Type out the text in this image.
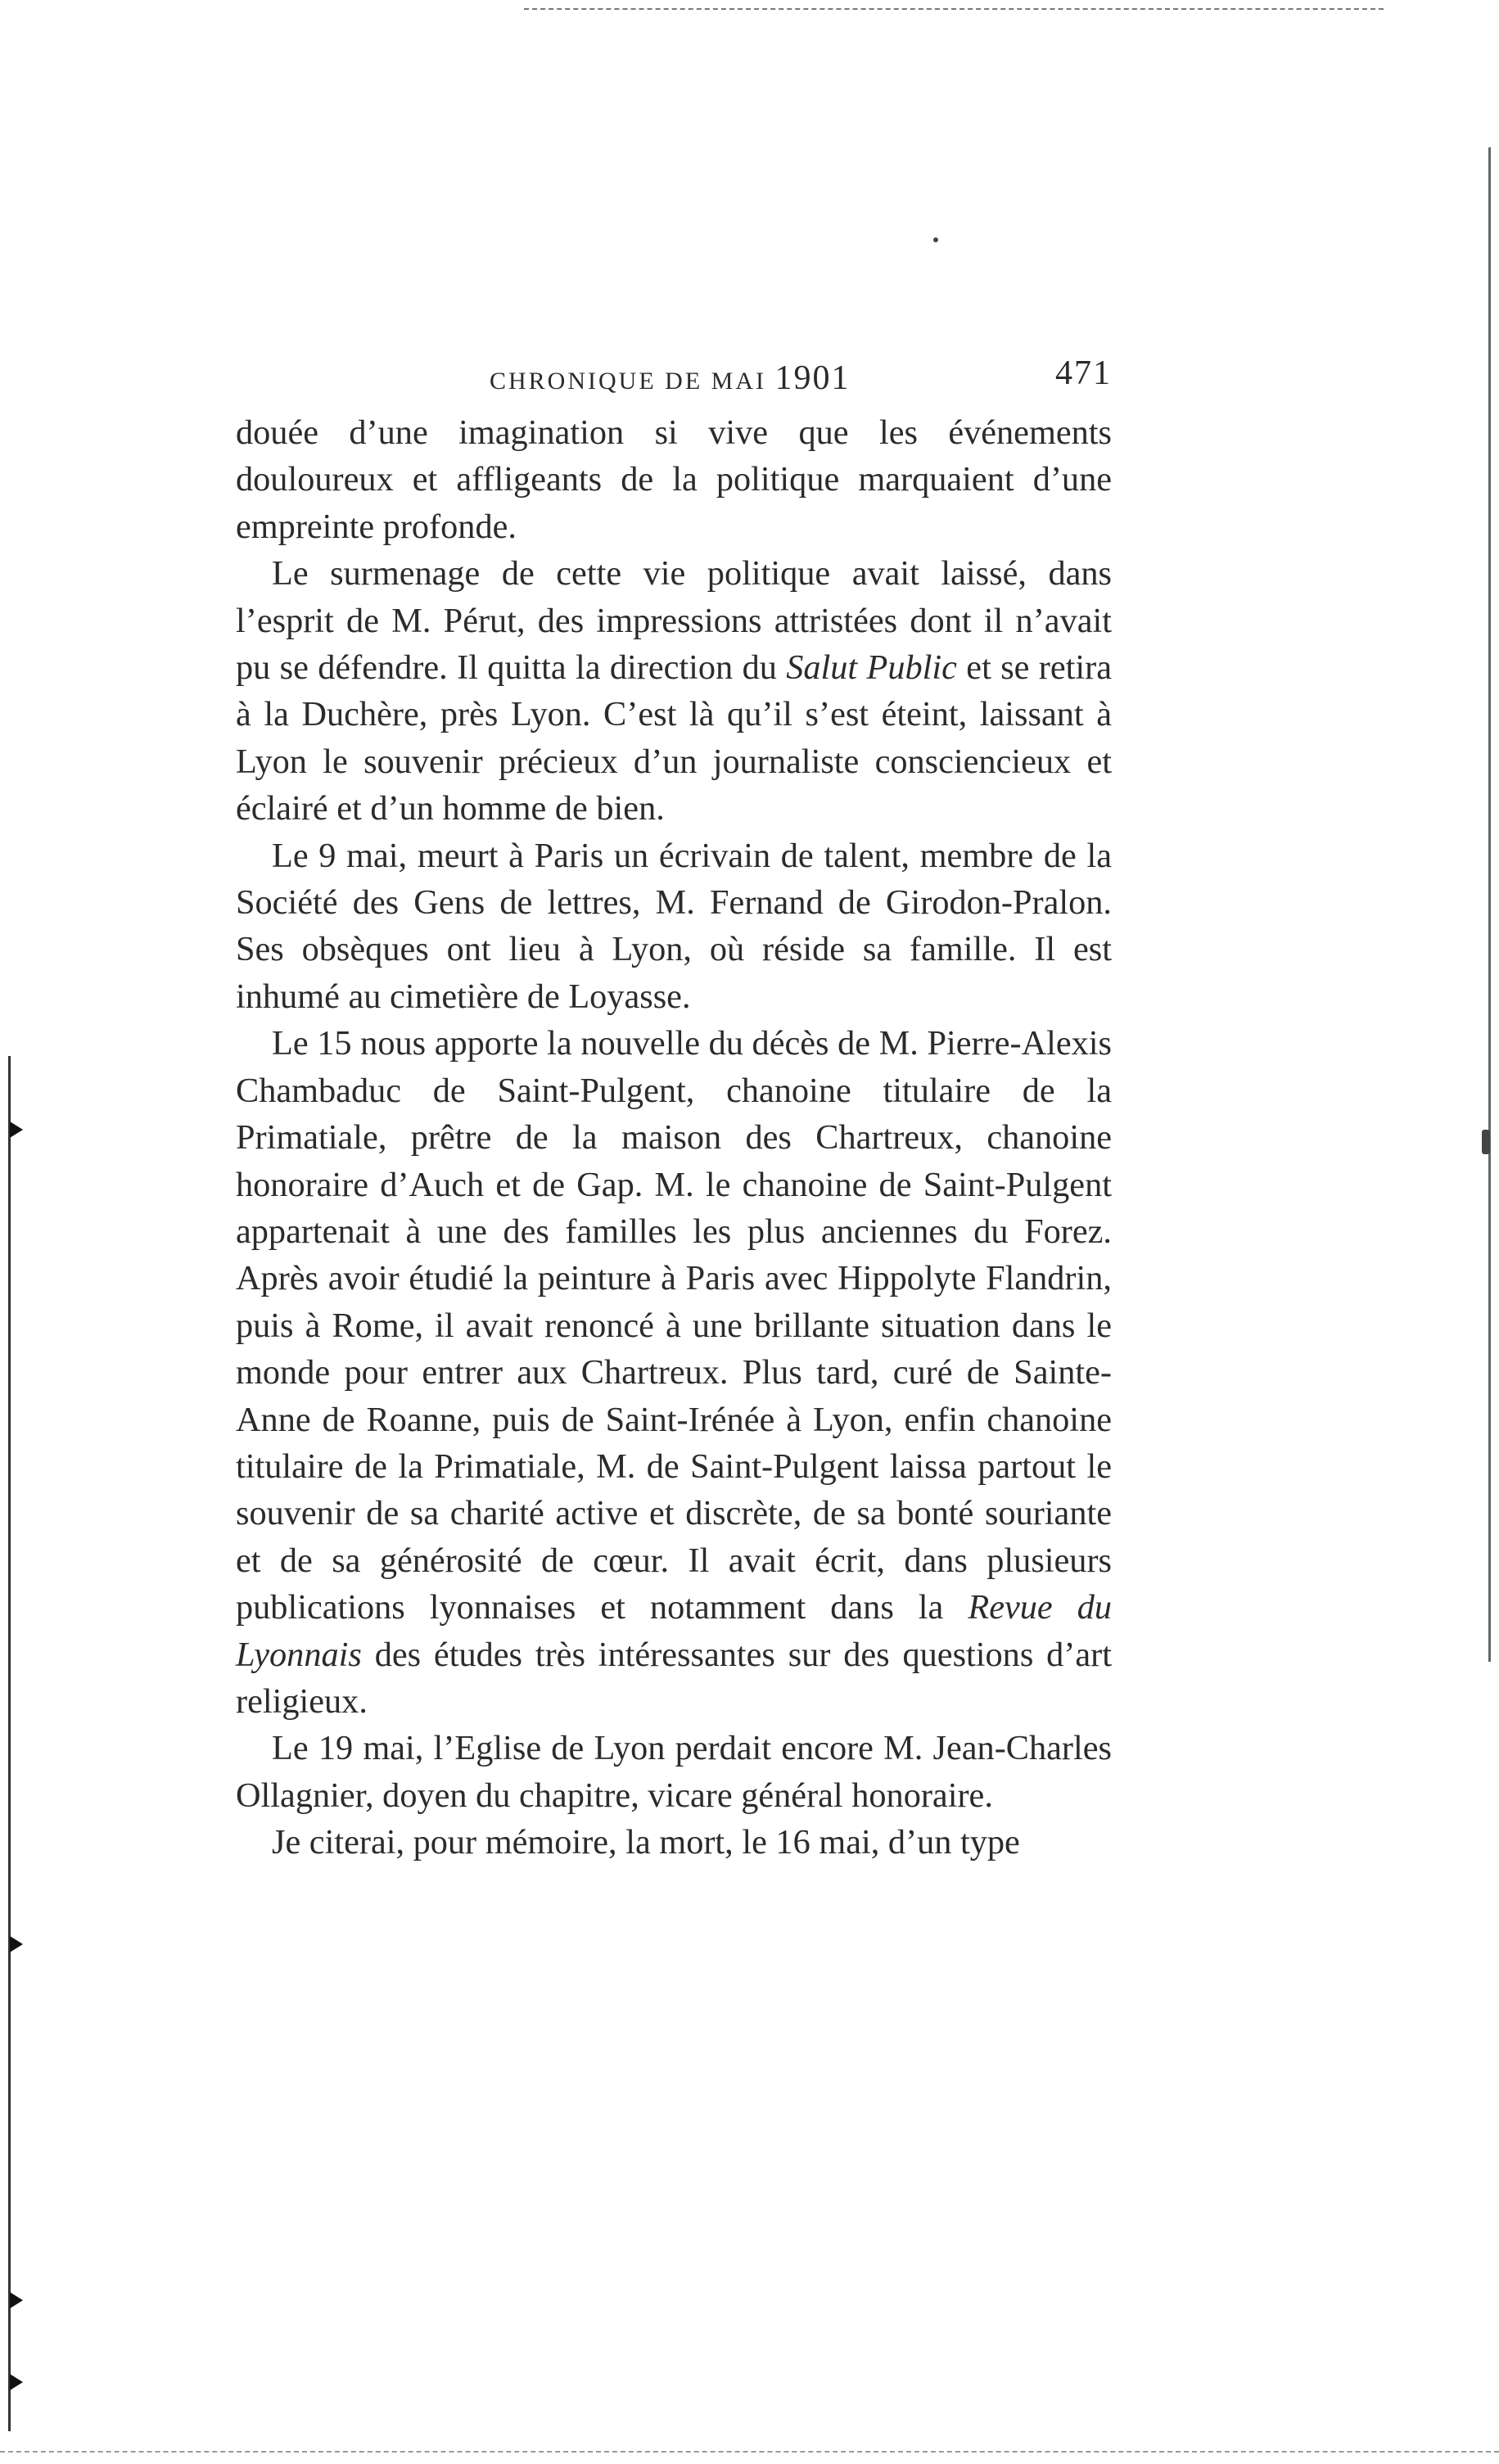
CHRONIQUE DE MAI 1901	471

douée d’une imagination si vive que les événements douloureux et affligeants de la politique marquaient d’une empreinte profonde.

Le surmenage de cette vie politique avait laissé, dans l’esprit de M. Pérut, des impressions attristées dont il n’avait pu se défendre. Il quitta la direction du Salut Public et se retira à la Duchère, près Lyon. C’est là qu’il s’est éteint, laissant à Lyon le souvenir précieux d’un journaliste consciencieux et éclairé et d’un homme de bien.

Le 9 mai, meurt à Paris un écrivain de talent, membre de la Société des Gens de lettres, M. Fernand de Girodon-Pralon. Ses obsèques ont lieu à Lyon, où réside sa famille. Il est inhumé au cimetière de Loyasse.

Le 15 nous apporte la nouvelle du décès de M. Pierre-Alexis Chambaduc de Saint-Pulgent, chanoine titulaire de la Primatiale, prêtre de la maison des Chartreux, chanoine honoraire d’Auch et de Gap. M. le chanoine de Saint-Pulgent appartenait à une des familles les plus anciennes du Forez. Après avoir étudié la peinture à Paris avec Hippolyte Flandrin, puis à Rome, il avait renoncé à une brillante situation dans le monde pour entrer aux Chartreux. Plus tard, curé de Sainte-Anne de Roanne, puis de Saint-Irénée à Lyon, enfin chanoine titulaire de la Primatiale, M. de Saint-Pulgent laissa partout le souvenir de sa charité active et discrète, de sa bonté souriante et de sa générosité de cœur. Il avait écrit, dans plusieurs publications lyonnaises et notamment dans la Revue du Lyonnais des études très intéressantes sur des questions d’art religieux.

Le 19 mai, l’Eglise de Lyon perdait encore M. Jean-Charles Ollagnier, doyen du chapitre, vicare général honoraire.

Je citerai, pour mémoire, la mort, le 16 mai, d’un type
